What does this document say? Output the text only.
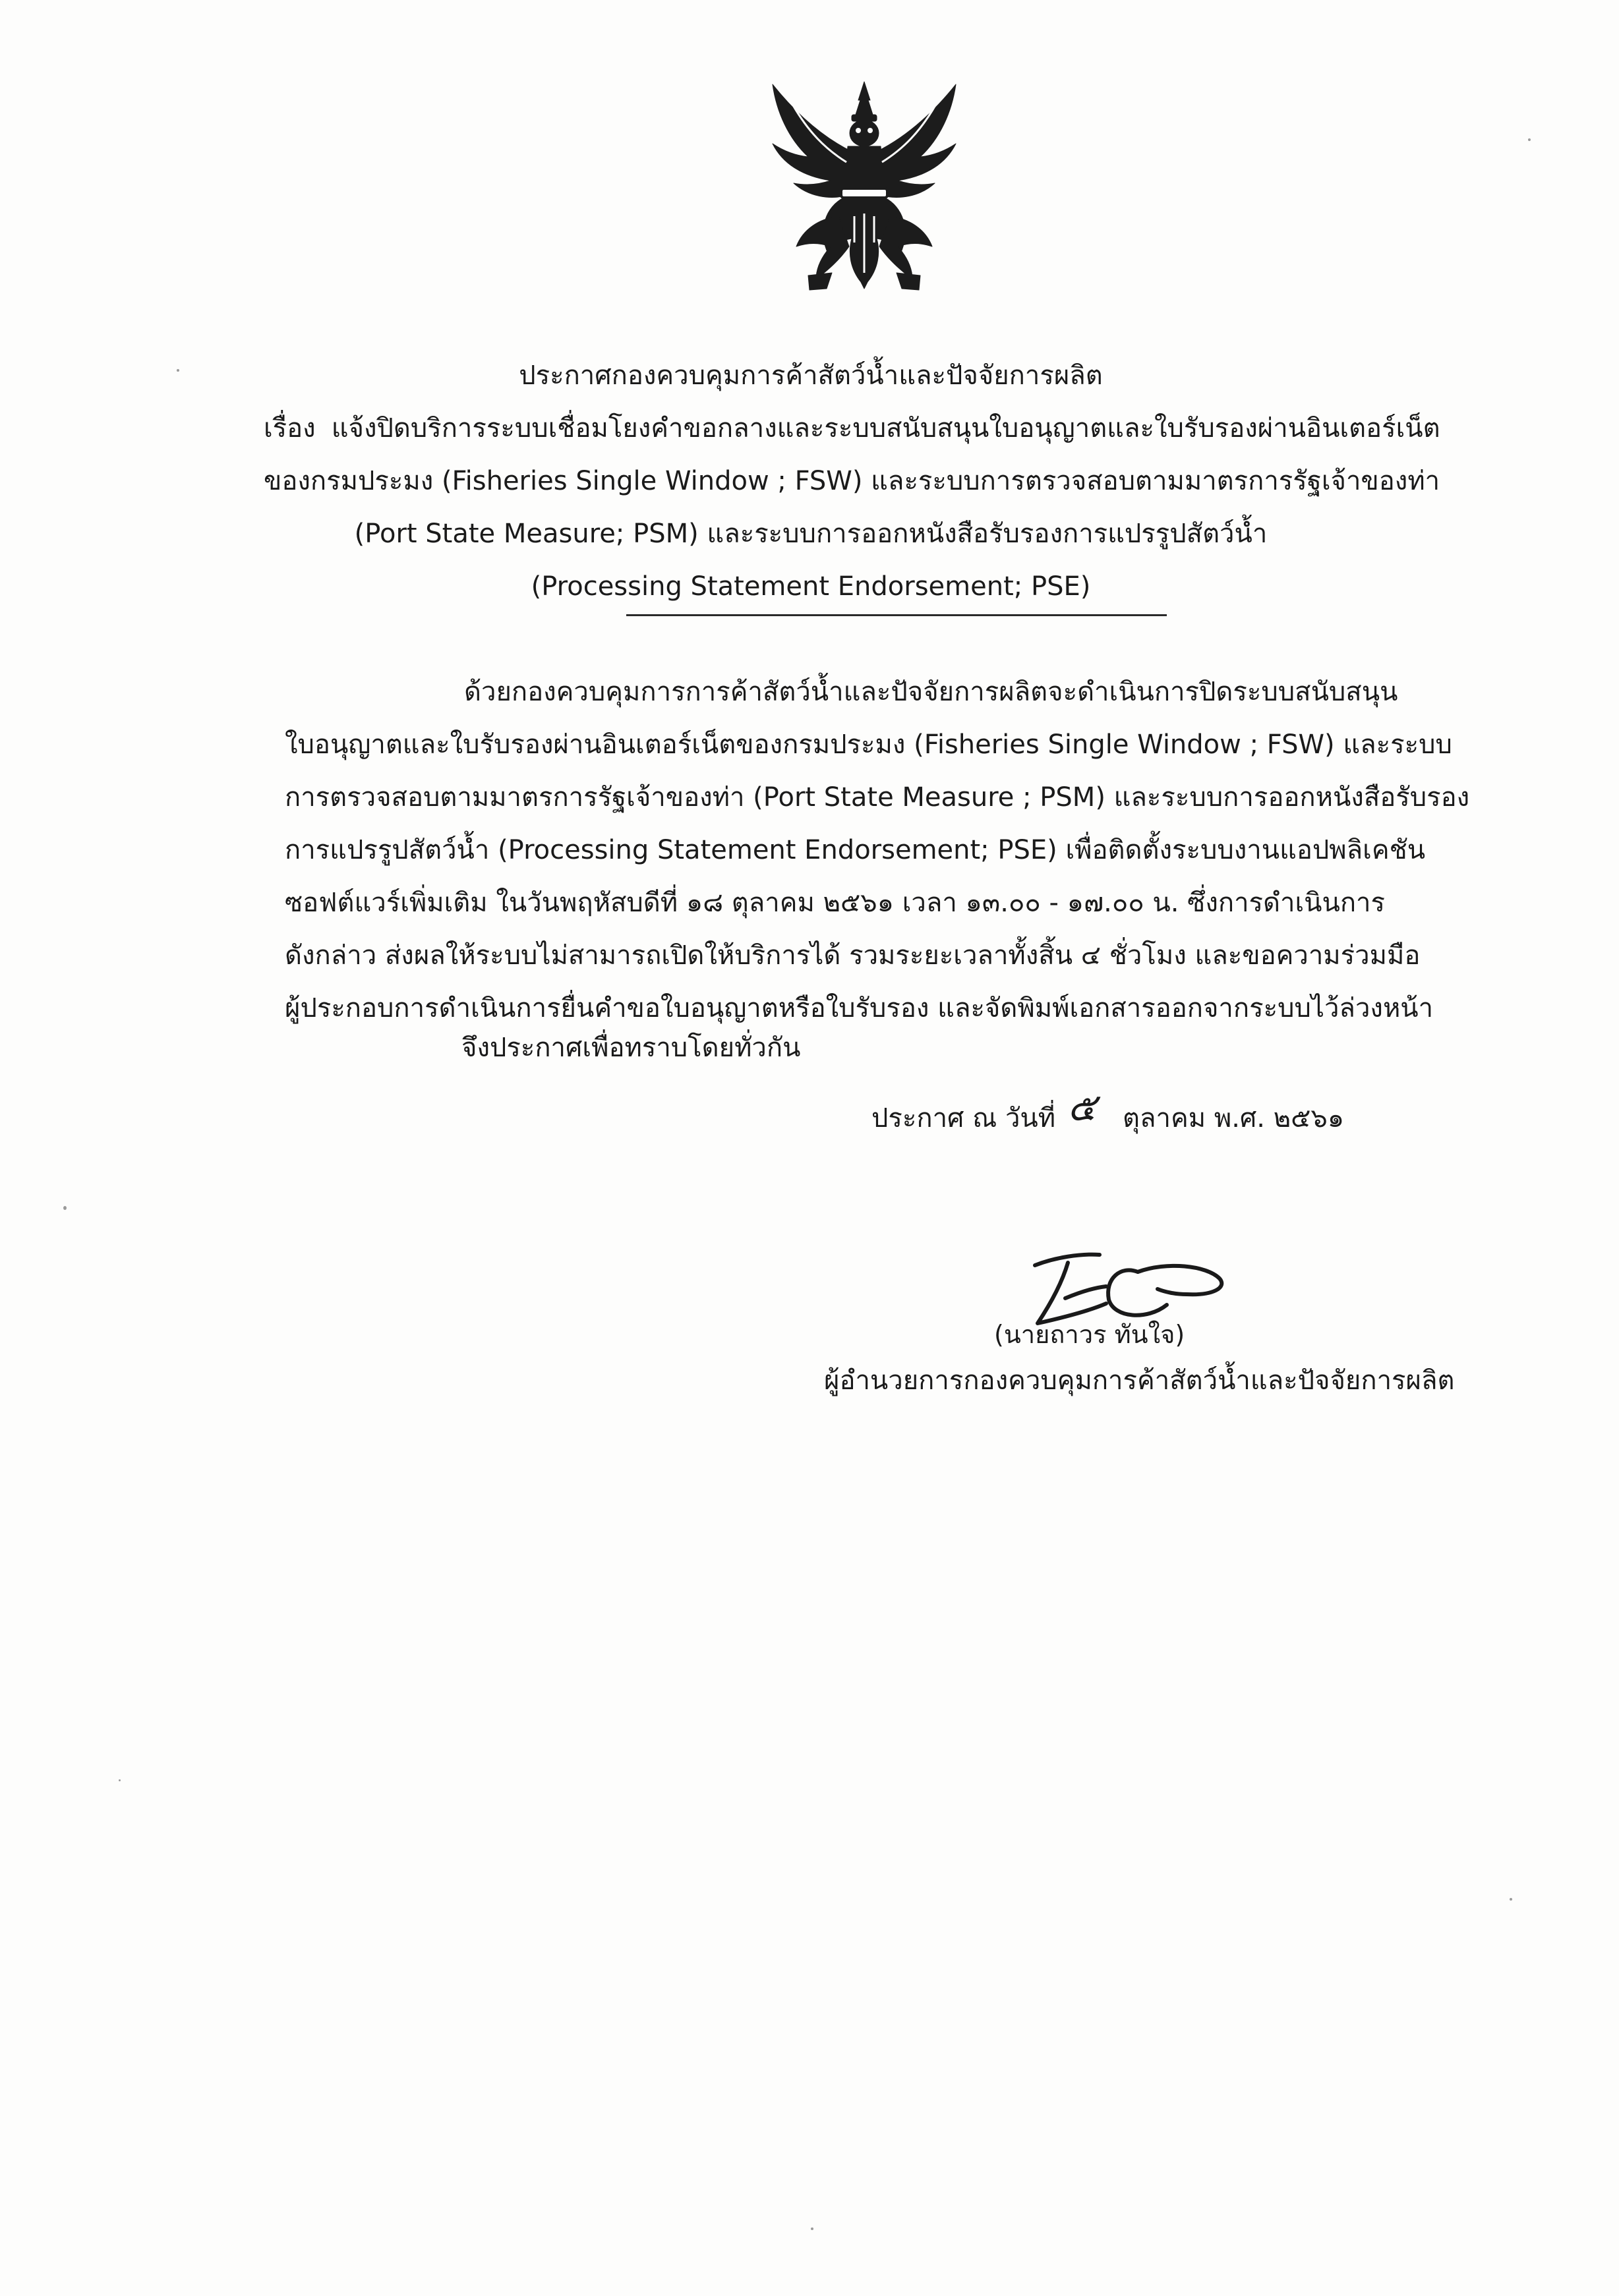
ประกาศกองควบคุมการค้าสัตว์น้ำและปัจจัยการผลิต
เรื่อง แจ้งปิดบริการระบบเชื่อมโยงคำขอกลางและระบบสนับสนุนใบอนุญาตและใบรับรองผ่านอินเตอร์เน็ต
ของกรมประมง (Fisheries Single Window ; FSW) และระบบการตรวจสอบตามมาตรการรัฐเจ้าของท่า
(Port State Measure; PSM) และระบบการออกหนังสือรับรองการแปรรูปสัตว์น้ำ
(Processing Statement Endorsement; PSE)
ด้วยกองควบคุมการการค้าสัตว์น้ำและปัจจัยการผลิตจะดำเนินการปิดระบบสนับสนุน
ใบอนุญาตและใบรับรองผ่านอินเตอร์เน็ตของกรมประมง (Fisheries Single Window ; FSW) และระบบ
การตรวจสอบตามมาตรการรัฐเจ้าของท่า (Port State Measure ; PSM) และระบบการออกหนังสือรับรอง
การแปรรูปสัตว์น้ำ (Processing Statement Endorsement; PSE) เพื่อติดตั้งระบบงานแอปพลิเคชัน
ซอฟต์แวร์เพิ่มเติม ในวันพฤหัสบดีที่ ๑๘ ตุลาคม ๒๕๖๑ เวลา ๑๓.๐๐ - ๑๗.๐๐ น. ซึ่งการดำเนินการ
ดังกล่าว ส่งผลให้ระบบไม่สามารถเปิดให้บริการได้ รวมระยะเวลาทั้งสิ้น ๔ ชั่วโมง และขอความร่วมมือ
ผู้ประกอบการดำเนินการยื่นคำขอใบอนุญาตหรือใบรับรอง และจัดพิมพ์เอกสารออกจากระบบไว้ล่วงหน้า
จึงประกาศเพื่อทราบโดยทั่วกัน
ประกาศ ณ วันที่ ๕ ตุลาคม พ.ศ. ๒๕๖๑
(นายถาวร ทันใจ)
ผู้อำนวยการกองควบคุมการค้าสัตว์น้ำและปัจจัยการผลิต
